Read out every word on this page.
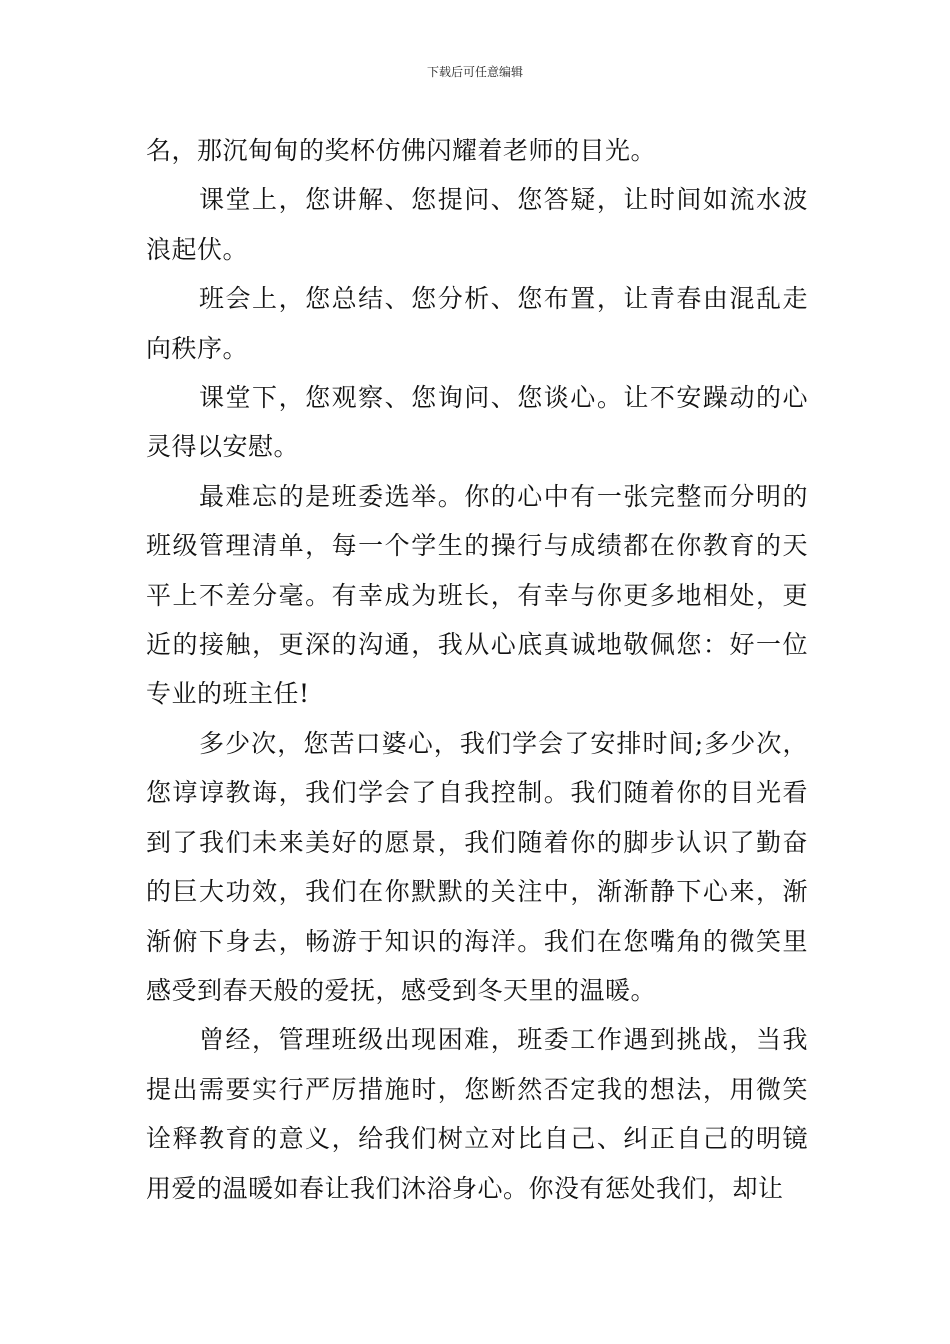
下载后可任意编辑

名，那沉甸甸的奖杯仿佛闪耀着老师的目光。

课堂上，您讲解、您提问、您答疑，让时间如流水波浪起伏。

班会上，您总结、您分析、您布置，让青春由混乱走向秩序。

课堂下，您观察、您询问、您谈心。让不安躁动的心灵得以安慰。

最难忘的是班委选举。你的心中有一张完整而分明的班级管理清单，每一个学生的操行与成绩都在你教育的天平上不差分毫。有幸成为班长，有幸与你更多地相处，更近的接触，更深的沟通，我从心底真诚地敬佩您：好一位专业的班主任!

多少次，您苦口婆心，我们学会了安排时间;多少次，您谆谆教诲，我们学会了自我控制。我们随着你的目光看到了我们未来美好的愿景，我们随着你的脚步认识了勤奋的巨大功效，我们在你默默的关注中，渐渐静下心来，渐渐俯下身去，畅游于知识的海洋。我们在您嘴角的微笑里感受到春天般的爱抚，感受到冬天里的温暖。

曾经，管理班级出现困难，班委工作遇到挑战，当我提出需要实行严厉措施时，您断然否定我的想法，用微笑诠释教育的意义，给我们树立对比自己、纠正自己的明镜用爱的温暖如春让我们沐浴身心。你没有惩处我们，却让
